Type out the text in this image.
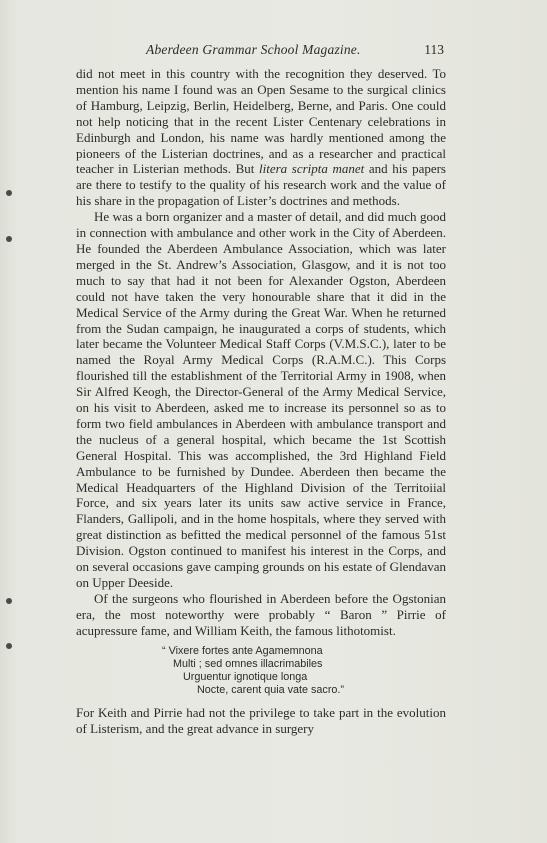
Aberdeen Grammar School Magazine.	113

did not meet in this country with the recognition they deserved. To mention his name I found was an Open Sesame to the surgical clinics of Hamburg, Leipzig, Berlin, Heidelberg, Berne, and Paris. One could not help noticing that in the recent Lister Centenary celebrations in Edinburgh and London, his name was hardly mentioned among the pioneers of the Listerian doctrines, and as a researcher and practical teacher in Listerian methods. But litera scripta manet and his papers are there to testify to the quality of his research work and the value of his share in the propagation of Lister’s doctrines and methods.

He was a born organizer and a master of detail, and did much good in connection with ambulance and other work in the City of Aberdeen. He founded the Aberdeen Ambulance Association, which was later merged in the St. Andrew’s Association, Glasgow, and it is not too much to say that had it not been for Alexander Ogston, Aberdeen could not have taken the very honourable share that it did in the Medical Service of the Army during the Great War. When he returned from the Sudan campaign, he inaugurated a corps of students, which later became the Volunteer Medical Staff Corps (V.M.S.C.), later to be named the Royal Army Medical Corps (R.A.M.C.). This Corps flourished till the establishment of the Territorial Army in 1908, when Sir Alfred Keogh, the Director-General of the Army Medical Service, on his visit to Aberdeen, asked me to increase its personnel so as to form two field ambulances in Aberdeen with ambulance transport and the nucleus of a general hospital, which became the 1st Scottish General Hospital. This was accomplished, the 3rd Highland Field Ambulance to be furnished by Dundee. Aberdeen then became the Medical Headquarters of the Highland Division of the Territoiial Force, and six years later its units saw active service in France, Flanders, Gallipoli, and in the home hospitals, where they served with great distinction as befitted the medical personnel of the famous 51st Division. Ogston continued to manifest his interest in the Corps, and on several occasions gave camping grounds on his estate of Glendavan on Upper Deeside.

Of the surgeons who flourished in Aberdeen before the Ogstonian era, the most noteworthy were probably “ Baron ” Pirrie of acupressure fame, and William Keith, the famous lithotomist.

“ Vixere fortes ante Agamemnona
Multi ; sed omnes illacrimabiles
Urguentur ignotique longa
Nocte, carent quia vate sacro.”

For Keith and Pirrie had not the privilege to take part in the evolution of Listerism, and the great advance in surgery
